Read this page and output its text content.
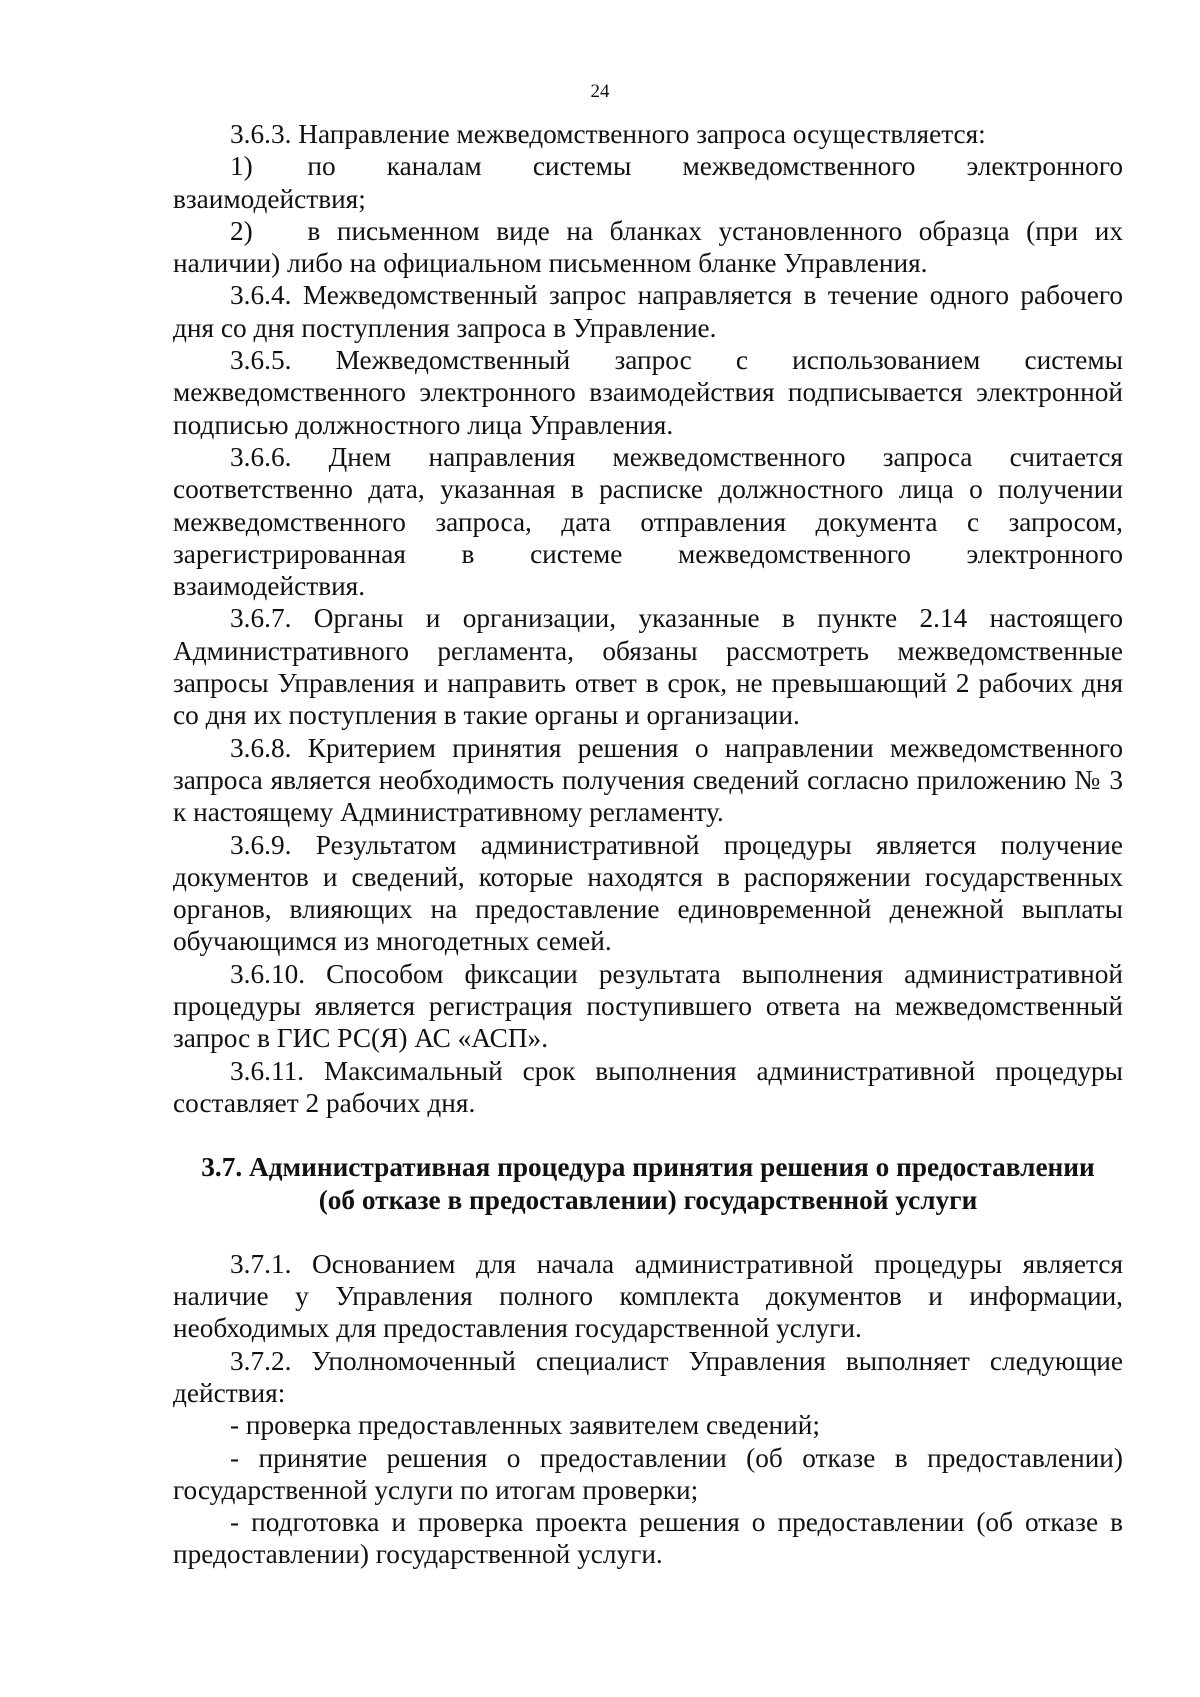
24

3.6.3. Направление межведомственного запроса осуществляется:

1)  по каналам системы межведомственного электронного взаимодействия;

2)  в письменном виде на бланках установленного образца (при их наличии) либо на официальном письменном бланке Управления.

3.6.4. Межведомственный запрос направляется в течение одного рабочего дня со дня поступления запроса в Управление.

3.6.5. Межведомственный запрос с использованием системы межведомственного электронного взаимодействия подписывается электронной подписью должностного лица Управления.

3.6.6. Днем направления межведомственного запроса считается соответственно дата, указанная в расписке должностного лица о получении межведомственного запроса, дата отправления документа с запросом, зарегистрированная в системе межведомственного электронного взаимодействия.

3.6.7. Органы и организации, указанные в пункте 2.14 настоящего Административного регламента, обязаны рассмотреть межведомственные запросы Управления и направить ответ в срок, не превышающий 2 рабочих дня со дня их поступления в такие органы и организации.

3.6.8. Критерием принятия решения о направлении межведомственного запроса является необходимость получения сведений согласно приложению № 3 к настоящему Административному регламенту.

3.6.9. Результатом административной процедуры является получение документов и сведений, которые находятся в распоряжении государственных органов, влияющих на предоставление единовременной денежной выплаты обучающимся из многодетных семей.

3.6.10. Способом фиксации результата выполнения административной процедуры является регистрация поступившего ответа на межведомственный запрос в ГИС РС(Я) АС «АСП».

3.6.11. Максимальный срок выполнения административной процедуры составляет 2 рабочих дня.

3.7. Административная процедура принятия решения о предоставлении
(об отказе в предоставлении) государственной услуги

3.7.1. Основанием для начала административной процедуры является наличие у Управления полного комплекта документов и информации, необходимых для предоставления государственной услуги.

3.7.2. Уполномоченный специалист Управления выполняет следующие действия:

- проверка предоставленных заявителем сведений;

- принятие решения о предоставлении (об отказе в предоставлении) государственной услуги по итогам проверки;

- подготовка и проверка проекта решения о предоставлении (об отказе в предоставлении) государственной услуги.
